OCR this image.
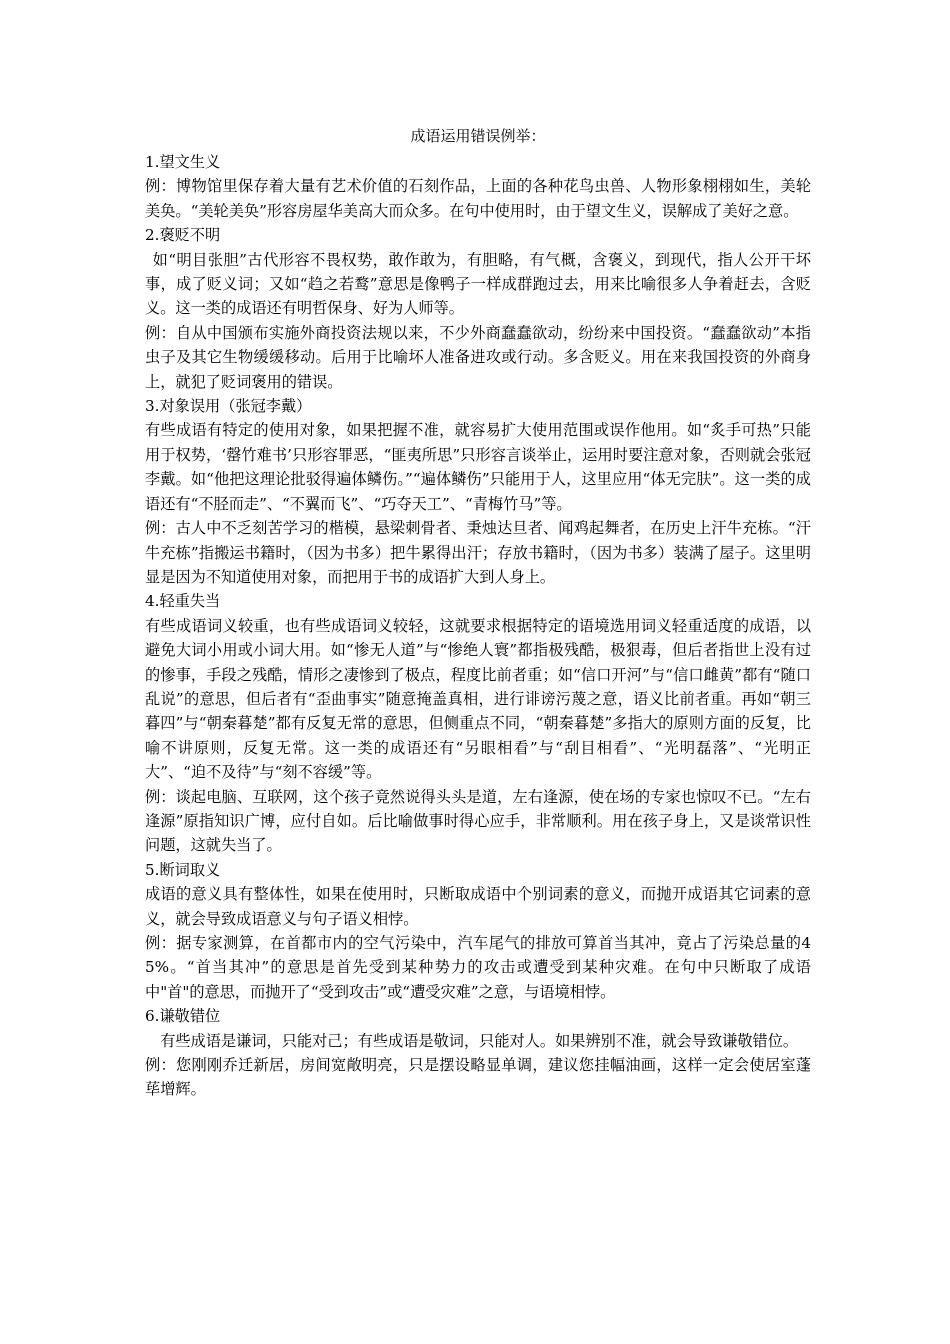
成语运用错误例举：

1.望文生义

例：博物馆里保存着大量有艺术价值的石刻作品，上面的各种花鸟虫兽、人物形象栩栩如生，美轮美奂。“美轮美奂”形容房屋华美高大而众多。在句中使用时，由于望文生义，误解成了美好之意。

2.褒贬不明

如“明目张胆”古代形容不畏权势，敢作敢为，有胆略，有气概，含褒义，到现代，指人公开干坏事，成了贬义词；又如“趋之若鹜”意思是像鸭子一样成群跑过去，用来比喻很多人争着赶去，含贬义。这一类的成语还有明哲保身、好为人师等。

例：自从中国颁布实施外商投资法规以来，不少外商蠢蠢欲动，纷纷来中国投资。“蠢蠢欲动”本指虫子及其它生物缓缓移动。后用于比喻坏人准备进攻或行动。多含贬义。用在来我国投资的外商身上，就犯了贬词褒用的错误。

3.对象误用（张冠李戴）

有些成语有特定的使用对象，如果把握不准，就容易扩大使用范围或误作他用。如“炙手可热”只能用于权势，‘罄竹难书’只形容罪恶，“匪夷所思”只形容言谈举止，运用时要注意对象，否则就会张冠李戴。如“他把这理论批驳得遍体鳞伤。”“遍体鳞伤”只能用于人，这里应用“体无完肤”。这一类的成语还有“不胫而走”、“不翼而飞”、“巧夺天工”、“青梅竹马”等。

例：古人中不乏刻苦学习的楷模，悬梁刺骨者、秉烛达旦者、闻鸡起舞者，在历史上汗牛充栋。“汗牛充栋”指搬运书籍时，（因为书多）把牛累得出汗；存放书籍时，（因为书多）装满了屋子。这里明显是因为不知道使用对象，而把用于书的成语扩大到人身上。

4.轻重失当

有些成语词义较重，也有些成语词义较轻，这就要求根据特定的语境选用词义轻重适度的成语，以避免大词小用或小词大用。如“惨无人道”与“惨绝人寰”都指极残酷，极狠毒，但后者指世上没有过的惨事，手段之残酷，情形之凄惨到了极点，程度比前者重；如“信口开河”与“信口雌黄”都有“随口乱说”的意思，但后者有“歪曲事实”随意掩盖真相，进行诽谤污蔑之意，语义比前者重。再如“朝三暮四”与“朝秦暮楚”都有反复无常的意思，但侧重点不同，“朝秦暮楚”多指大的原则方面的反复，比喻不讲原则，反复无常。这一类的成语还有“另眼相看”与“刮目相看”、“光明磊落”、“光明正大”、“迫不及待”与“刻不容缓”等。

例：谈起电脑、互联网，这个孩子竟然说得头头是道，左右逢源，使在场的专家也惊叹不已。“左右逢源”原指知识广博，应付自如。后比喻做事时得心应手，非常顺利。用在孩子身上，又是谈常识性问题，这就失当了。

5.断词取义

成语的意义具有整体性，如果在使用时，只断取成语中个别词素的意义，而抛开成语其它词素的意义，就会导致成语意义与句子语义相悖。

例：据专家测算，在首都市内的空气污染中，汽车尾气的排放可算首当其冲，竟占了污染总量的45%。“首当其冲”的意思是首先受到某种势力的攻击或遭受到某种灾难。在句中只断取了成语中"首"的意思，而抛开了“受到攻击”或“遭受灾难”之意，与语境相悖。

6.谦敬错位

有些成语是谦词，只能对己；有些成语是敬词，只能对人。如果辨别不准，就会导致谦敬错位。

例：您刚刚乔迁新居，房间宽敞明亮，只是摆设略显单调，建议您挂幅油画，这样一定会使居室蓬荜增辉。
